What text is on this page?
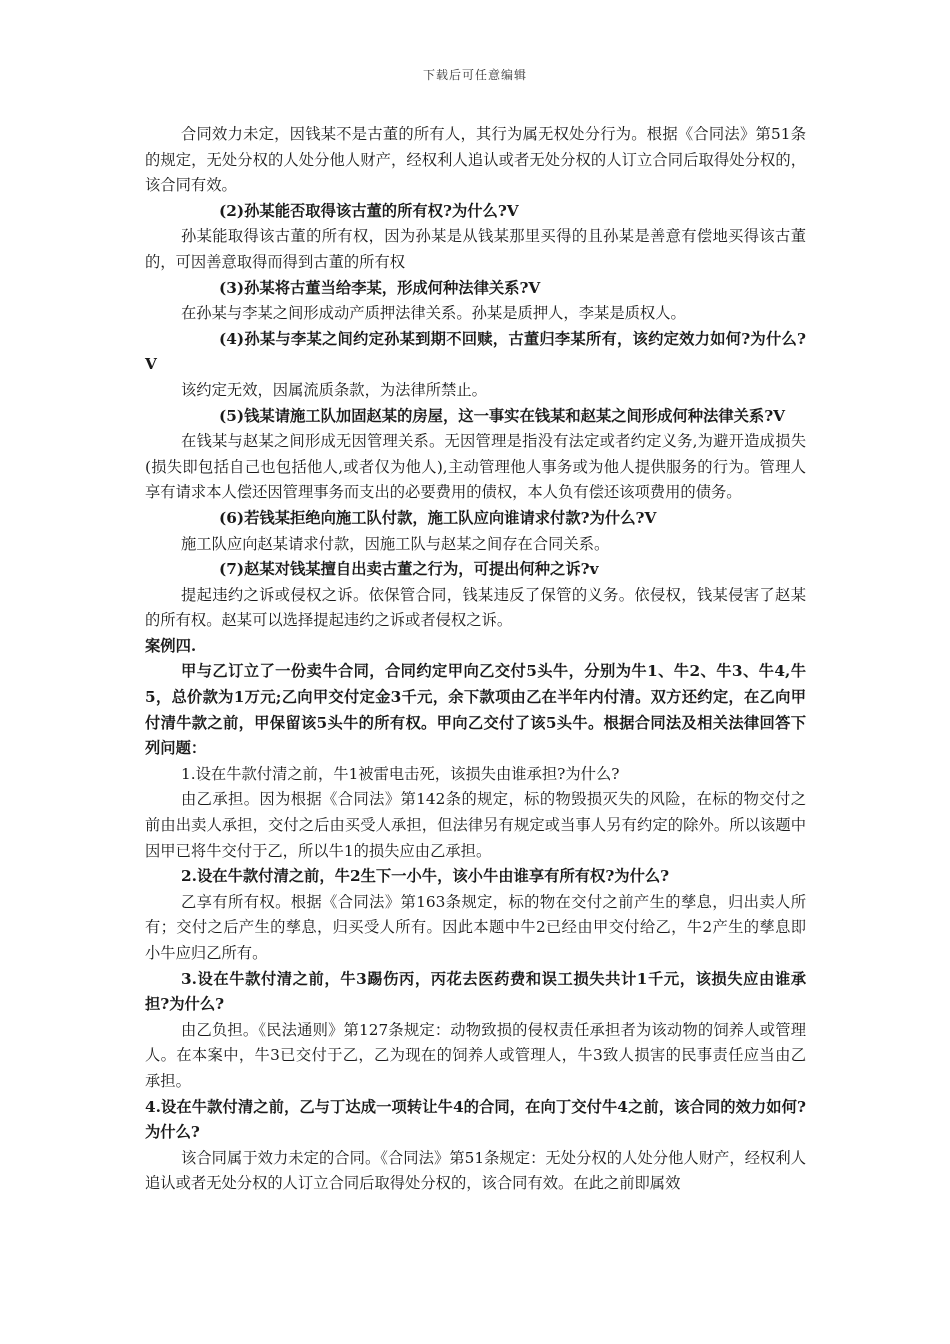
下载后可任意编辑

合同效力未定，因钱某不是古董的所有人，其行为属无权处分行为。根据《合同法》第51条的规定，无处分权的人处分他人财产，经权利人追认或者无处分权的人订立合同后取得处分权的，该合同有效。

(2)孙某能否取得该古董的所有权?为什么?V

孙某能取得该古董的所有权，因为孙某是从钱某那里买得的且孙某是善意有偿地买得该古董的，可因善意取得而得到古董的所有权

(3)孙某将古董当给李某，形成何种法律关系?V

在孙某与李某之间形成动产质押法律关系。孙某是质押人，李某是质权人。

(4)孙某与李某之间约定孙某到期不回赎，古董归李某所有，该约定效力如何?为什么?V

该约定无效，因属流质条款，为法律所禁止。

(5)钱某请施工队加固赵某的房屋，这一事实在钱某和赵某之间形成何种法律关系?V

在钱某与赵某之间形成无因管理关系。无因管理是指没有法定或者约定义务,为避开造成损失(损失即包括自己也包括他人,或者仅为他人),主动管理他人事务或为他人提供服务的行为。管理人享有请求本人偿还因管理事务而支出的必要费用的债权，本人负有偿还该项费用的债务。

(6)若钱某拒绝向施工队付款，施工队应向谁请求付款?为什么?V

施工队应向赵某请求付款，因施工队与赵某之间存在合同关系。

(7)赵某对钱某擅自出卖古董之行为，可提出何种之诉?v

提起违约之诉或侵权之诉。依保管合同，钱某违反了保管的义务。依侵权，钱某侵害了赵某的所有权。赵某可以选择提起违约之诉或者侵权之诉。

案例四.

甲与乙订立了一份卖牛合同，合同约定甲向乙交付5头牛，分别为牛1、牛2、牛3、牛4,牛5，总价款为1万元;乙向甲交付定金3千元，余下款项由乙在半年内付清。双方还约定，在乙向甲付清牛款之前，甲保留该5头牛的所有权。甲向乙交付了该5头牛。根据合同法及相关法律回答下列问题：

1.设在牛款付清之前，牛1被雷电击死，该损失由谁承担?为什么?

由乙承担。因为根据《合同法》第142条的规定，标的物毁损灭失的风险，在标的物交付之前由出卖人承担，交付之后由买受人承担，但法律另有规定或当事人另有约定的除外。所以该题中因甲已将牛交付于乙，所以牛1的损失应由乙承担。

2.设在牛款付清之前，牛2生下一小牛，该小牛由谁享有所有权?为什么?

乙享有所有权。根据《合同法》第163条规定，标的物在交付之前产生的孳息，归出卖人所有；交付之后产生的孳息，归买受人所有。因此本题中牛2已经由甲交付给乙，牛2产生的孳息即小牛应归乙所有。

3.设在牛款付清之前，牛3踢伤丙，丙花去医药费和误工损失共计1千元，该损失应由谁承担?为什么?

由乙负担。《民法通则》第127条规定：动物致损的侵权责任承担者为该动物的饲养人或管理人。在本案中，牛3已交付于乙，乙为现在的饲养人或管理人，牛3致人损害的民事责任应当由乙承担。

4.设在牛款付清之前，乙与丁达成一项转让牛4的合同，在向丁交付牛4之前，该合同的效力如何?为什么?

该合同属于效力未定的合同。《合同法》第51条规定：无处分权的人处分他人财产，经权利人追认或者无处分权的人订立合同后取得处分权的，该合同有效。在此之前即属效
